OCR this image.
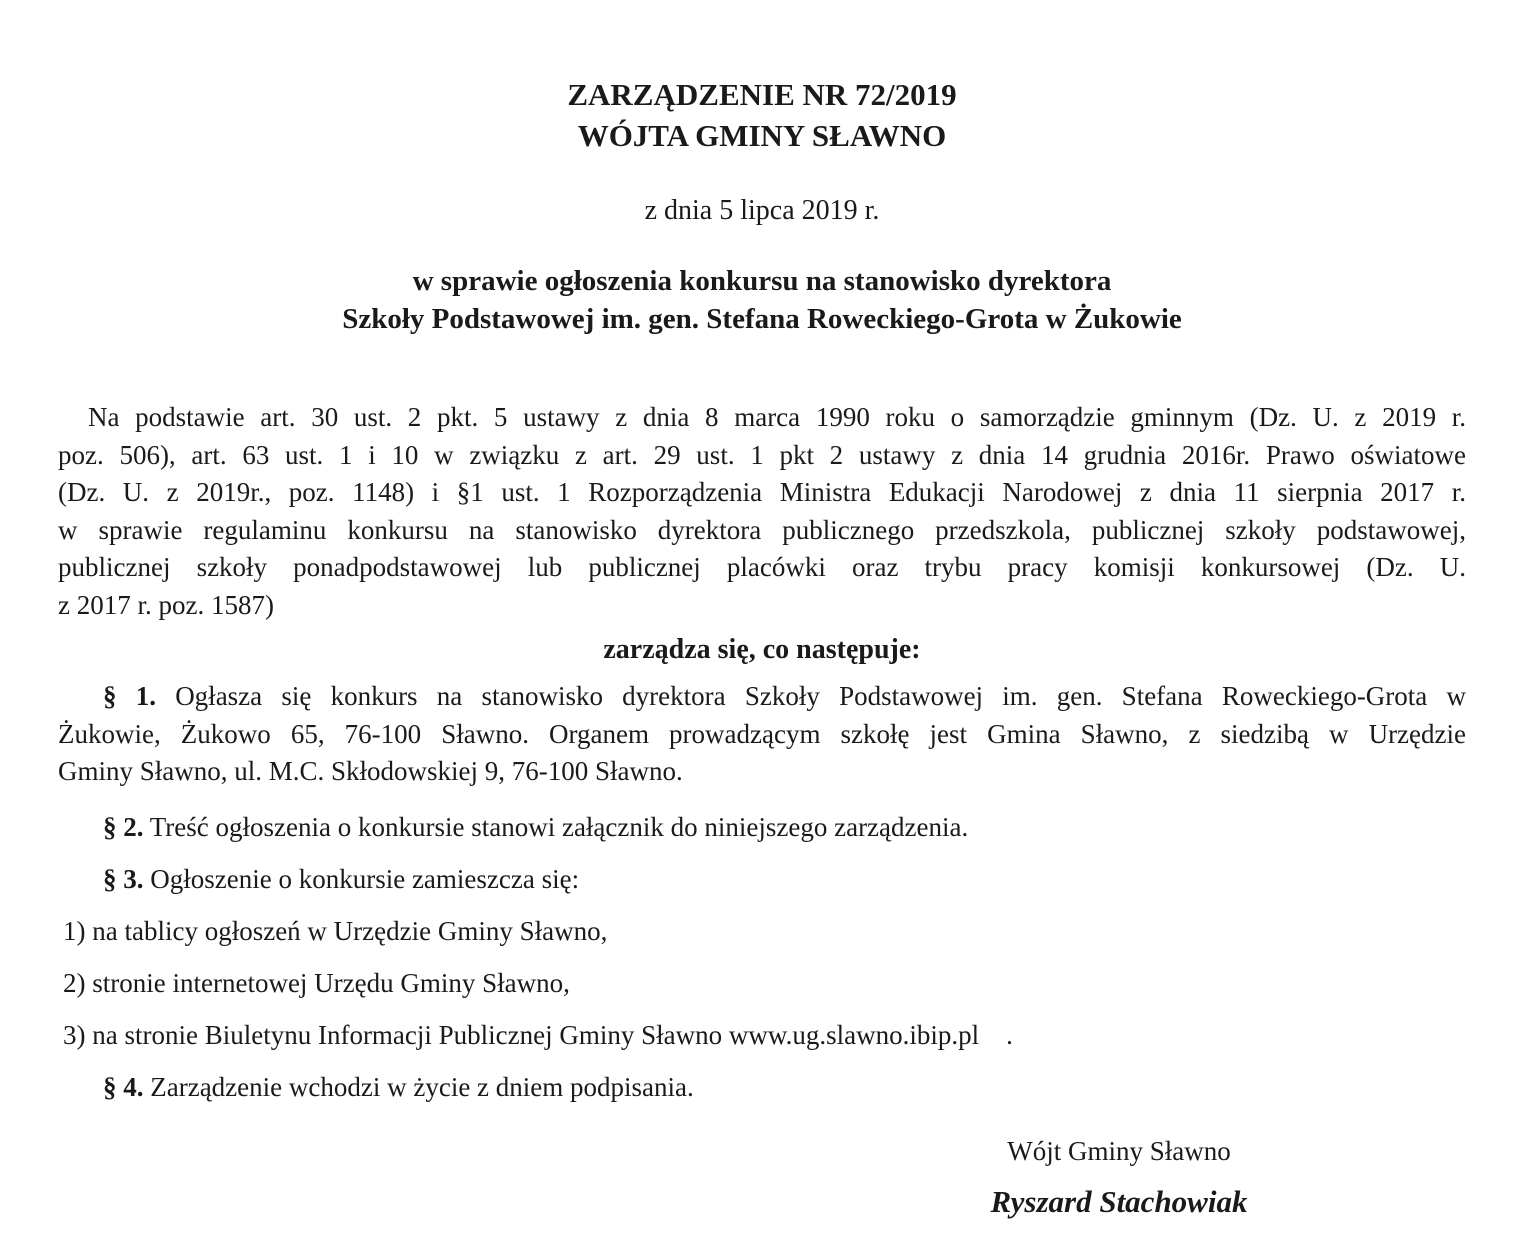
ZARZĄDZENIE NR 72/2019
WÓJTA GMINY SŁAWNO
z dnia 5 lipca 2019 r.
w sprawie ogłoszenia konkursu na stanowisko dyrektora
Szkoły Podstawowej im. gen. Stefana Roweckiego-Grota w Żukowie
Na podstawie art. 30 ust. 2 pkt. 5 ustawy z dnia 8 marca 1990 roku o samorządzie gminnym (Dz. U. z 2019 r.
poz. 506), art. 63 ust. 1 i 10 w związku z art. 29 ust. 1 pkt 2 ustawy z dnia 14 grudnia 2016r. Prawo oświatowe
(Dz. U. z 2019r., poz. 1148) i §1 ust. 1 Rozporządzenia Ministra Edukacji Narodowej z dnia 11 sierpnia 2017 r.
w sprawie regulaminu konkursu na stanowisko dyrektora publicznego przedszkola, publicznej szkoły podstawowej,
publicznej szkoły ponadpodstawowej lub publicznej placówki oraz trybu pracy komisji konkursowej (Dz. U.
z 2017 r. poz. 1587)
zarządza się, co następuje:
§ 1. Ogłasza się konkurs na stanowisko dyrektora Szkoły Podstawowej im. gen. Stefana Roweckiego-Grota w
Żukowie, Żukowo 65, 76-100 Sławno. Organem prowadzącym szkołę jest Gmina Sławno, z siedzibą w Urzędzie
Gminy Sławno, ul. M.C. Skłodowskiej 9, 76-100 Sławno.

§ 2. Treść ogłoszenia o konkursie stanowi załącznik do niniejszego zarządzenia.

§ 3. Ogłoszenie o konkursie zamieszcza się:

1) na tablicy ogłoszeń w Urzędzie Gminy Sławno,
2) stronie internetowej Urzędu Gminy Sławno,
3) na stronie Biuletynu Informacji Publicznej Gminy Sławno www.ug.slawno.ibip.pl    .

§ 4. Zarządzenie wchodzi w życie z dniem podpisania.

Wójt Gminy Sławno
Ryszard Stachowiak
